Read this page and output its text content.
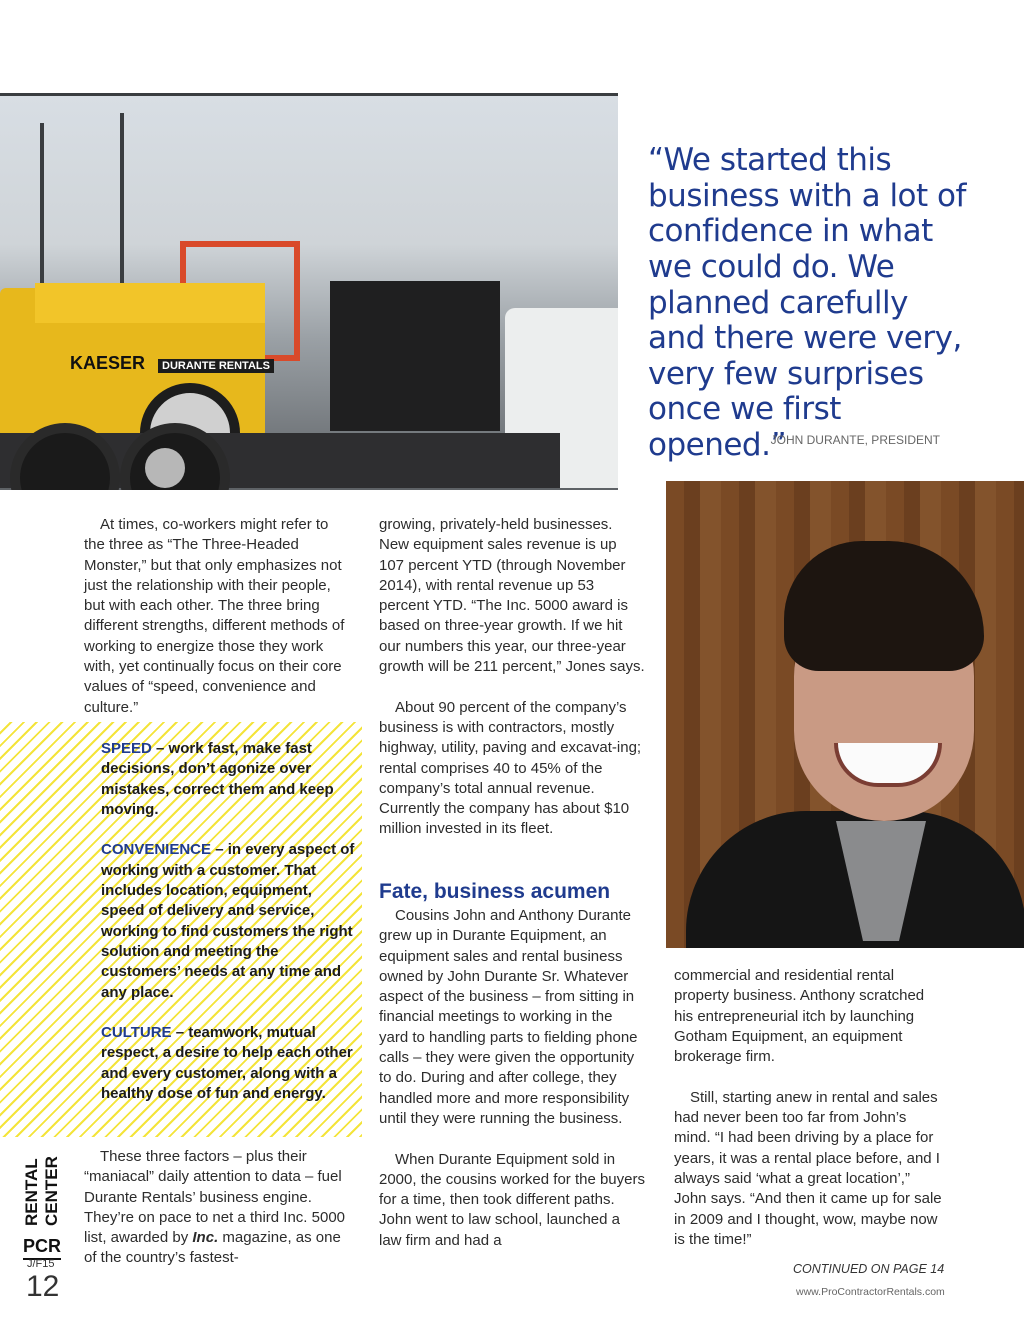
KAESER	DURANTE RENTALS

“We started this business with a lot of confidence in what we could do. We planned carefully and there were very, very few surprises once we first opened.”

JOHN DURANTE, PRESIDENT

At times, co-workers might refer to the three as “The Three-Headed Monster,” but that only emphasizes not just the relationship with their people, but with each other. The three bring different strengths, different methods of working to energize those they work with, yet continually focus on their core values of “speed, convenience and culture.”

SPEED – work fast, make fast decisions, don’t agonize over mistakes, correct them and keep moving.

CONVENIENCE – in every aspect of working with a customer. That includes location, equipment, speed of delivery and service, working to find customers the right solution and meeting the customers’ needs at any time and any place.

CULTURE – teamwork, mutual respect, a desire to help each other and every customer, along with a healthy dose of fun and energy.

These three factors – plus their “maniacal” daily attention to data – fuel Durante Rentals’ business engine. They’re on pace to net a third Inc. 5000 list, awarded by Inc. magazine, as one of the country’s fastest-

growing, privately-held businesses. New equipment sales revenue is up 107 percent YTD (through November 2014), with rental revenue up 53 percent YTD. “The Inc. 5000 award is based on three-year growth. If we hit our numbers this year, our three-year growth will be 211 percent,” Jones says.

About 90 percent of the company’s business is with contractors, mostly highway, utility, paving and excavat-ing; rental comprises 40 to 45% of the company’s total annual revenue. Currently the company has about $10 million invested in its fleet.

Fate, business acumen

Cousins John and Anthony Durante grew up in Durante Equipment, an equipment sales and rental business owned by John Durante Sr. Whatever aspect of the business – from sitting in financial meetings to working in the yard to handling parts to fielding phone calls – they were given the opportunity to do. During and after college, they handled more and more responsibility until they were running the business.

When Durante Equipment sold in 2000, the cousins worked for the buyers for a time, then took different paths. John went to law school, launched a law firm and had a

commercial and residential rental property business. Anthony scratched his entrepreneurial itch by launching Gotham Equipment, an equipment brokerage firm.

Still, starting anew in rental and sales had never been too far from John’s mind. “I had been driving by a place for years, it was a rental place before, and I always said ‘what a great location’,” John says. “And then it came up for sale in 2009 and I thought, wow, maybe now is the time!”

CONTINUED ON PAGE 14
www.ProContractorRentals.com
RENTAL CENTER
PCR
J/F15
12
